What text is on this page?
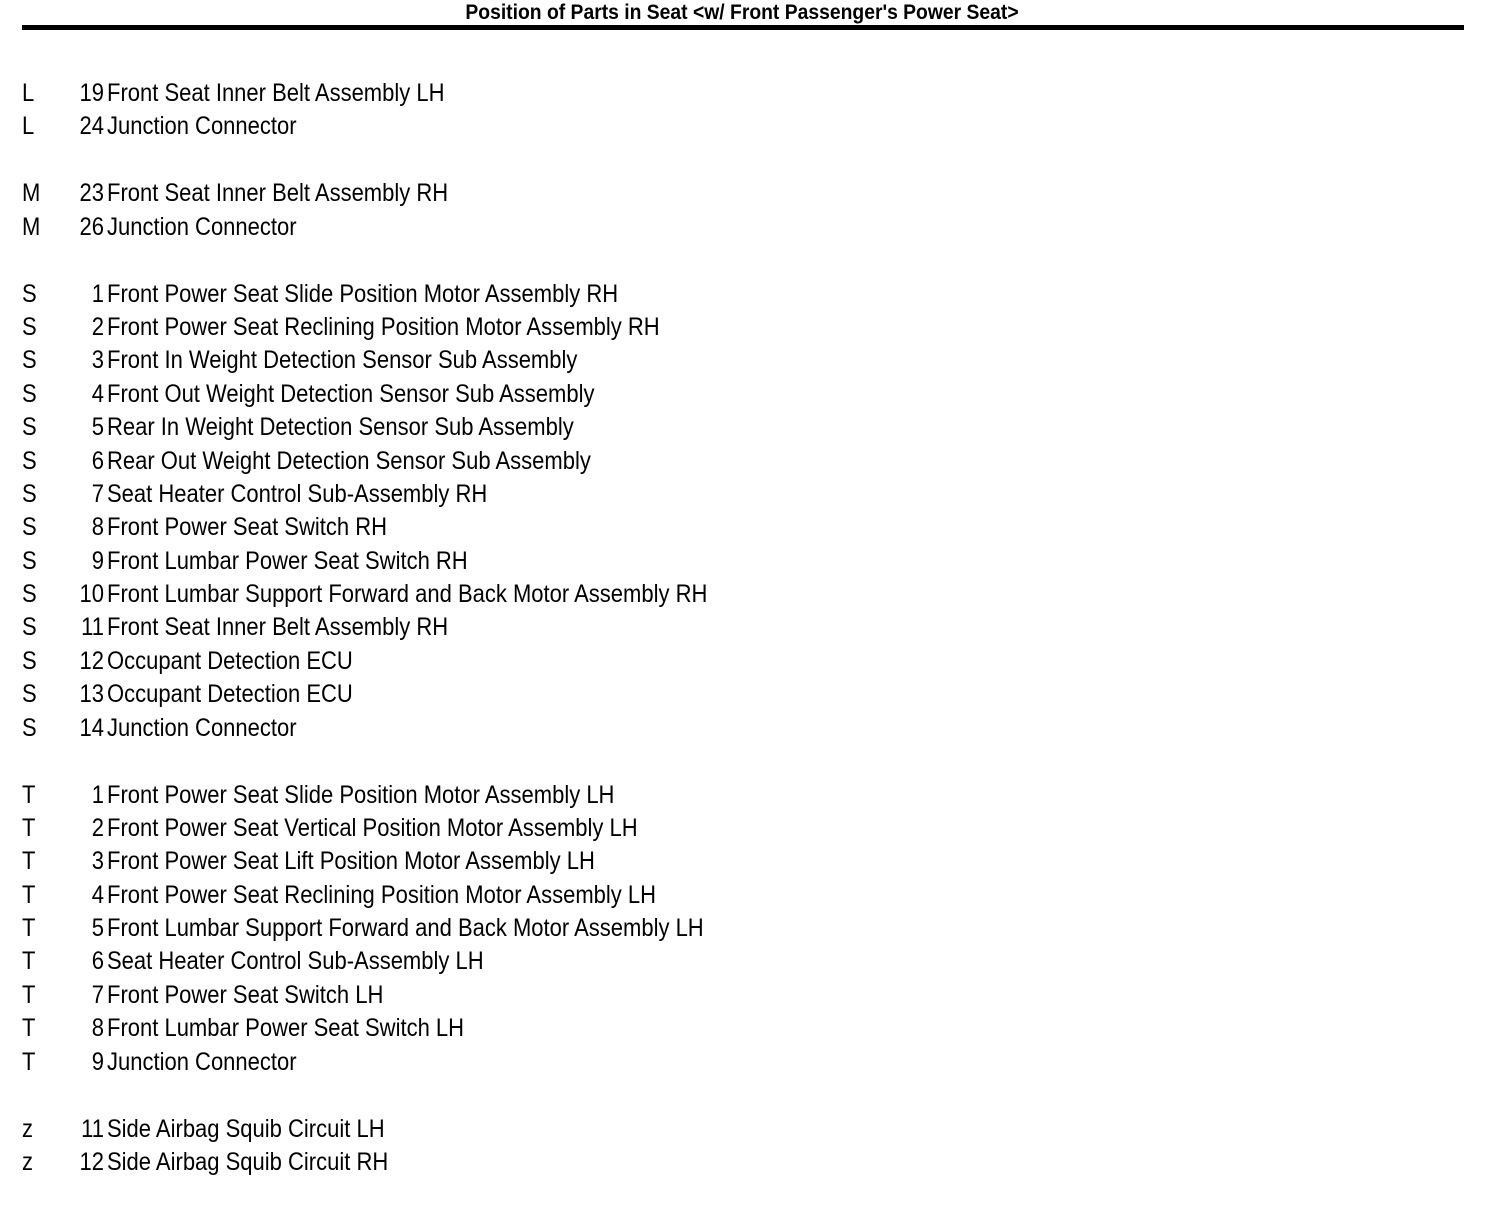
Position of Parts in Seat <w/ Front Passenger's Power Seat>
L	19 Front Seat Inner Belt Assembly LH
L	24 Junction Connector
M	23 Front Seat Inner Belt Assembly RH
M	26 Junction Connector
S	1 Front Power Seat Slide Position Motor Assembly RH
S	2 Front Power Seat Reclining Position Motor Assembly RH
S	3 Front In Weight Detection Sensor Sub Assembly
S	4 Front Out Weight Detection Sensor Sub Assembly
S	5 Rear In Weight Detection Sensor Sub Assembly
S	6 Rear Out Weight Detection Sensor Sub Assembly
S	7 Seat Heater Control Sub-Assembly RH
S	8 Front Power Seat Switch RH
S	9 Front Lumbar Power Seat Switch RH
S	10 Front Lumbar Support Forward and Back Motor Assembly RH
S	11 Front Seat Inner Belt Assembly RH
S	12 Occupant Detection ECU
S	13 Occupant Detection ECU
S	14 Junction Connector
T	1 Front Power Seat Slide Position Motor Assembly LH
T	2 Front Power Seat Vertical Position Motor Assembly LH
T	3 Front Power Seat Lift Position Motor Assembly LH
T	4 Front Power Seat Reclining Position Motor Assembly LH
T	5 Front Lumbar Support Forward and Back Motor Assembly LH
T	6 Seat Heater Control Sub-Assembly LH
T	7 Front Power Seat Switch LH
T	8 Front Lumbar Power Seat Switch LH
T	9 Junction Connector
z	11 Side Airbag Squib Circuit LH
z	12 Side Airbag Squib Circuit RH
